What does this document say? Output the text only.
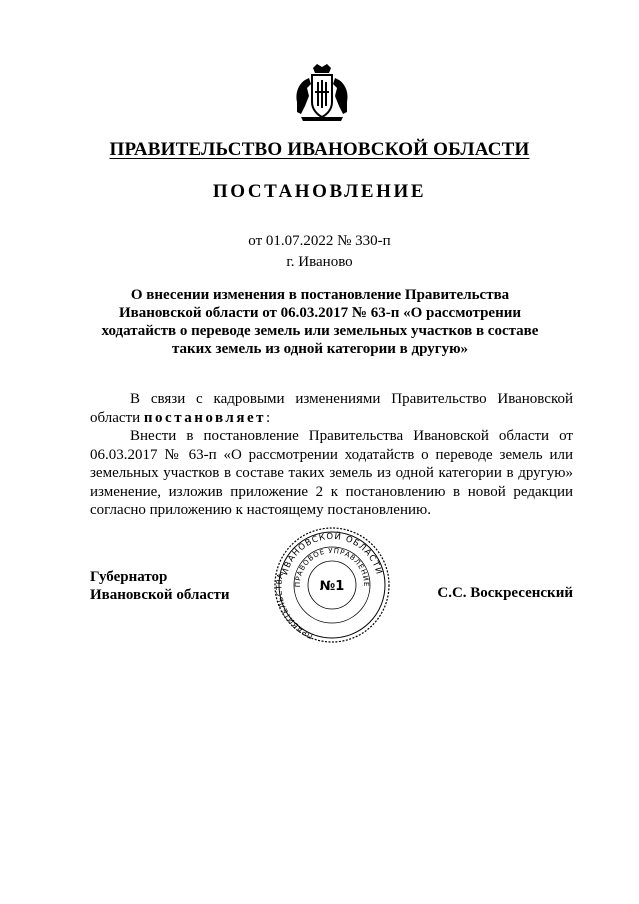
ПРАВИТЕЛЬСТВО ИВАНОВСКОЙ ОБЛАСТИ
ПОСТАНОВЛЕНИЕ
от 01.07.2022 № 330-п
г. Иваново
О внесении изменения в постановление Правительства
Ивановской области от 06.03.2017 № 63-п «О рассмотрении
ходатайств о переводе земель или земельных участков в составе
таких земель из одной категории в другую»

В связи с кадровыми изменениями Правительство Ивановской области постановляет:

Внести в постановление Правительства Ивановской области от 06.03.2017 № 63-п «О рассмотрении ходатайств о переводе земель или земельных участков в составе таких земель из одной категории в другую» изменение, изложив приложение 2 к постановлению в новой редакции согласно приложению к настоящему постановлению.

Губернатор
Ивановской области
ИВАНОВСКОЙ ОБЛАСТИ
ПРАВОВОЕ УПРАВЛЕНИЕ
ПРАВИТЕЛЬСТВА
№1	С.С. Воскресенский
